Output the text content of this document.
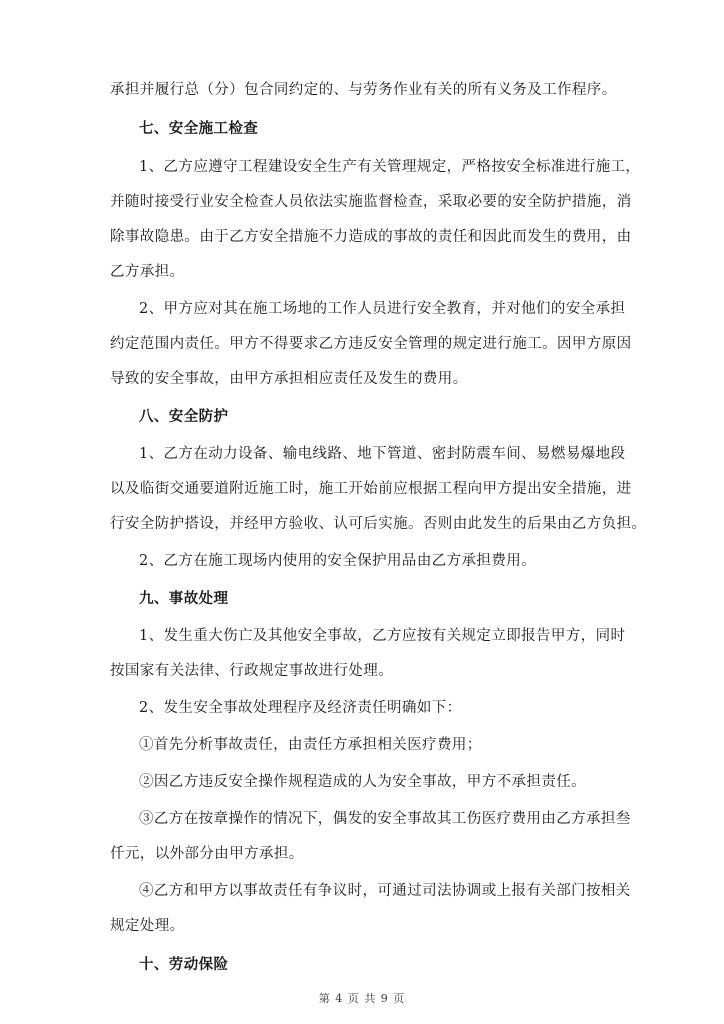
承担并履行总（分）包合同约定的、与劳务作业有关的所有义务及工作程序。
七、安全施工检查
1、乙方应遵守工程建设安全生产有关管理规定，严格按安全标准进行施工，
并随时接受行业安全检查人员依法实施监督检查，采取必要的安全防护措施，消
除事故隐患。由于乙方安全措施不力造成的事故的责任和因此而发生的费用，由
乙方承担。
2、甲方应对其在施工场地的工作人员进行安全教育，并对他们的安全承担
约定范围内责任。甲方不得要求乙方违反安全管理的规定进行施工。因甲方原因
导致的安全事故，由甲方承担相应责任及发生的费用。
八、安全防护
1、乙方在动力设备、输电线路、地下管道、密封防震车间、易燃易爆地段
以及临街交通要道附近施工时，施工开始前应根据工程向甲方提出安全措施，进
行安全防护搭设，并经甲方验收、认可后实施。否则由此发生的后果由乙方负担。
2、乙方在施工现场内使用的安全保护用品由乙方承担费用。
九、事故处理
1、发生重大伤亡及其他安全事故，乙方应按有关规定立即报告甲方，同时
按国家有关法律、行政规定事故进行处理。
2、发生安全事故处理程序及经济责任明确如下：
①首先分析事故责任，由责任方承担相关医疗费用；
②因乙方违反安全操作规程造成的人为安全事故，甲方不承担责任。
③乙方在按章操作的情况下，偶发的安全事故其工伤医疗费用由乙方承担叁
仟元，以外部分由甲方承担。
④乙方和甲方以事故责任有争议时，可通过司法协调或上报有关部门按相关
规定处理。
十、劳动保险
第 4 页 共 9 页
